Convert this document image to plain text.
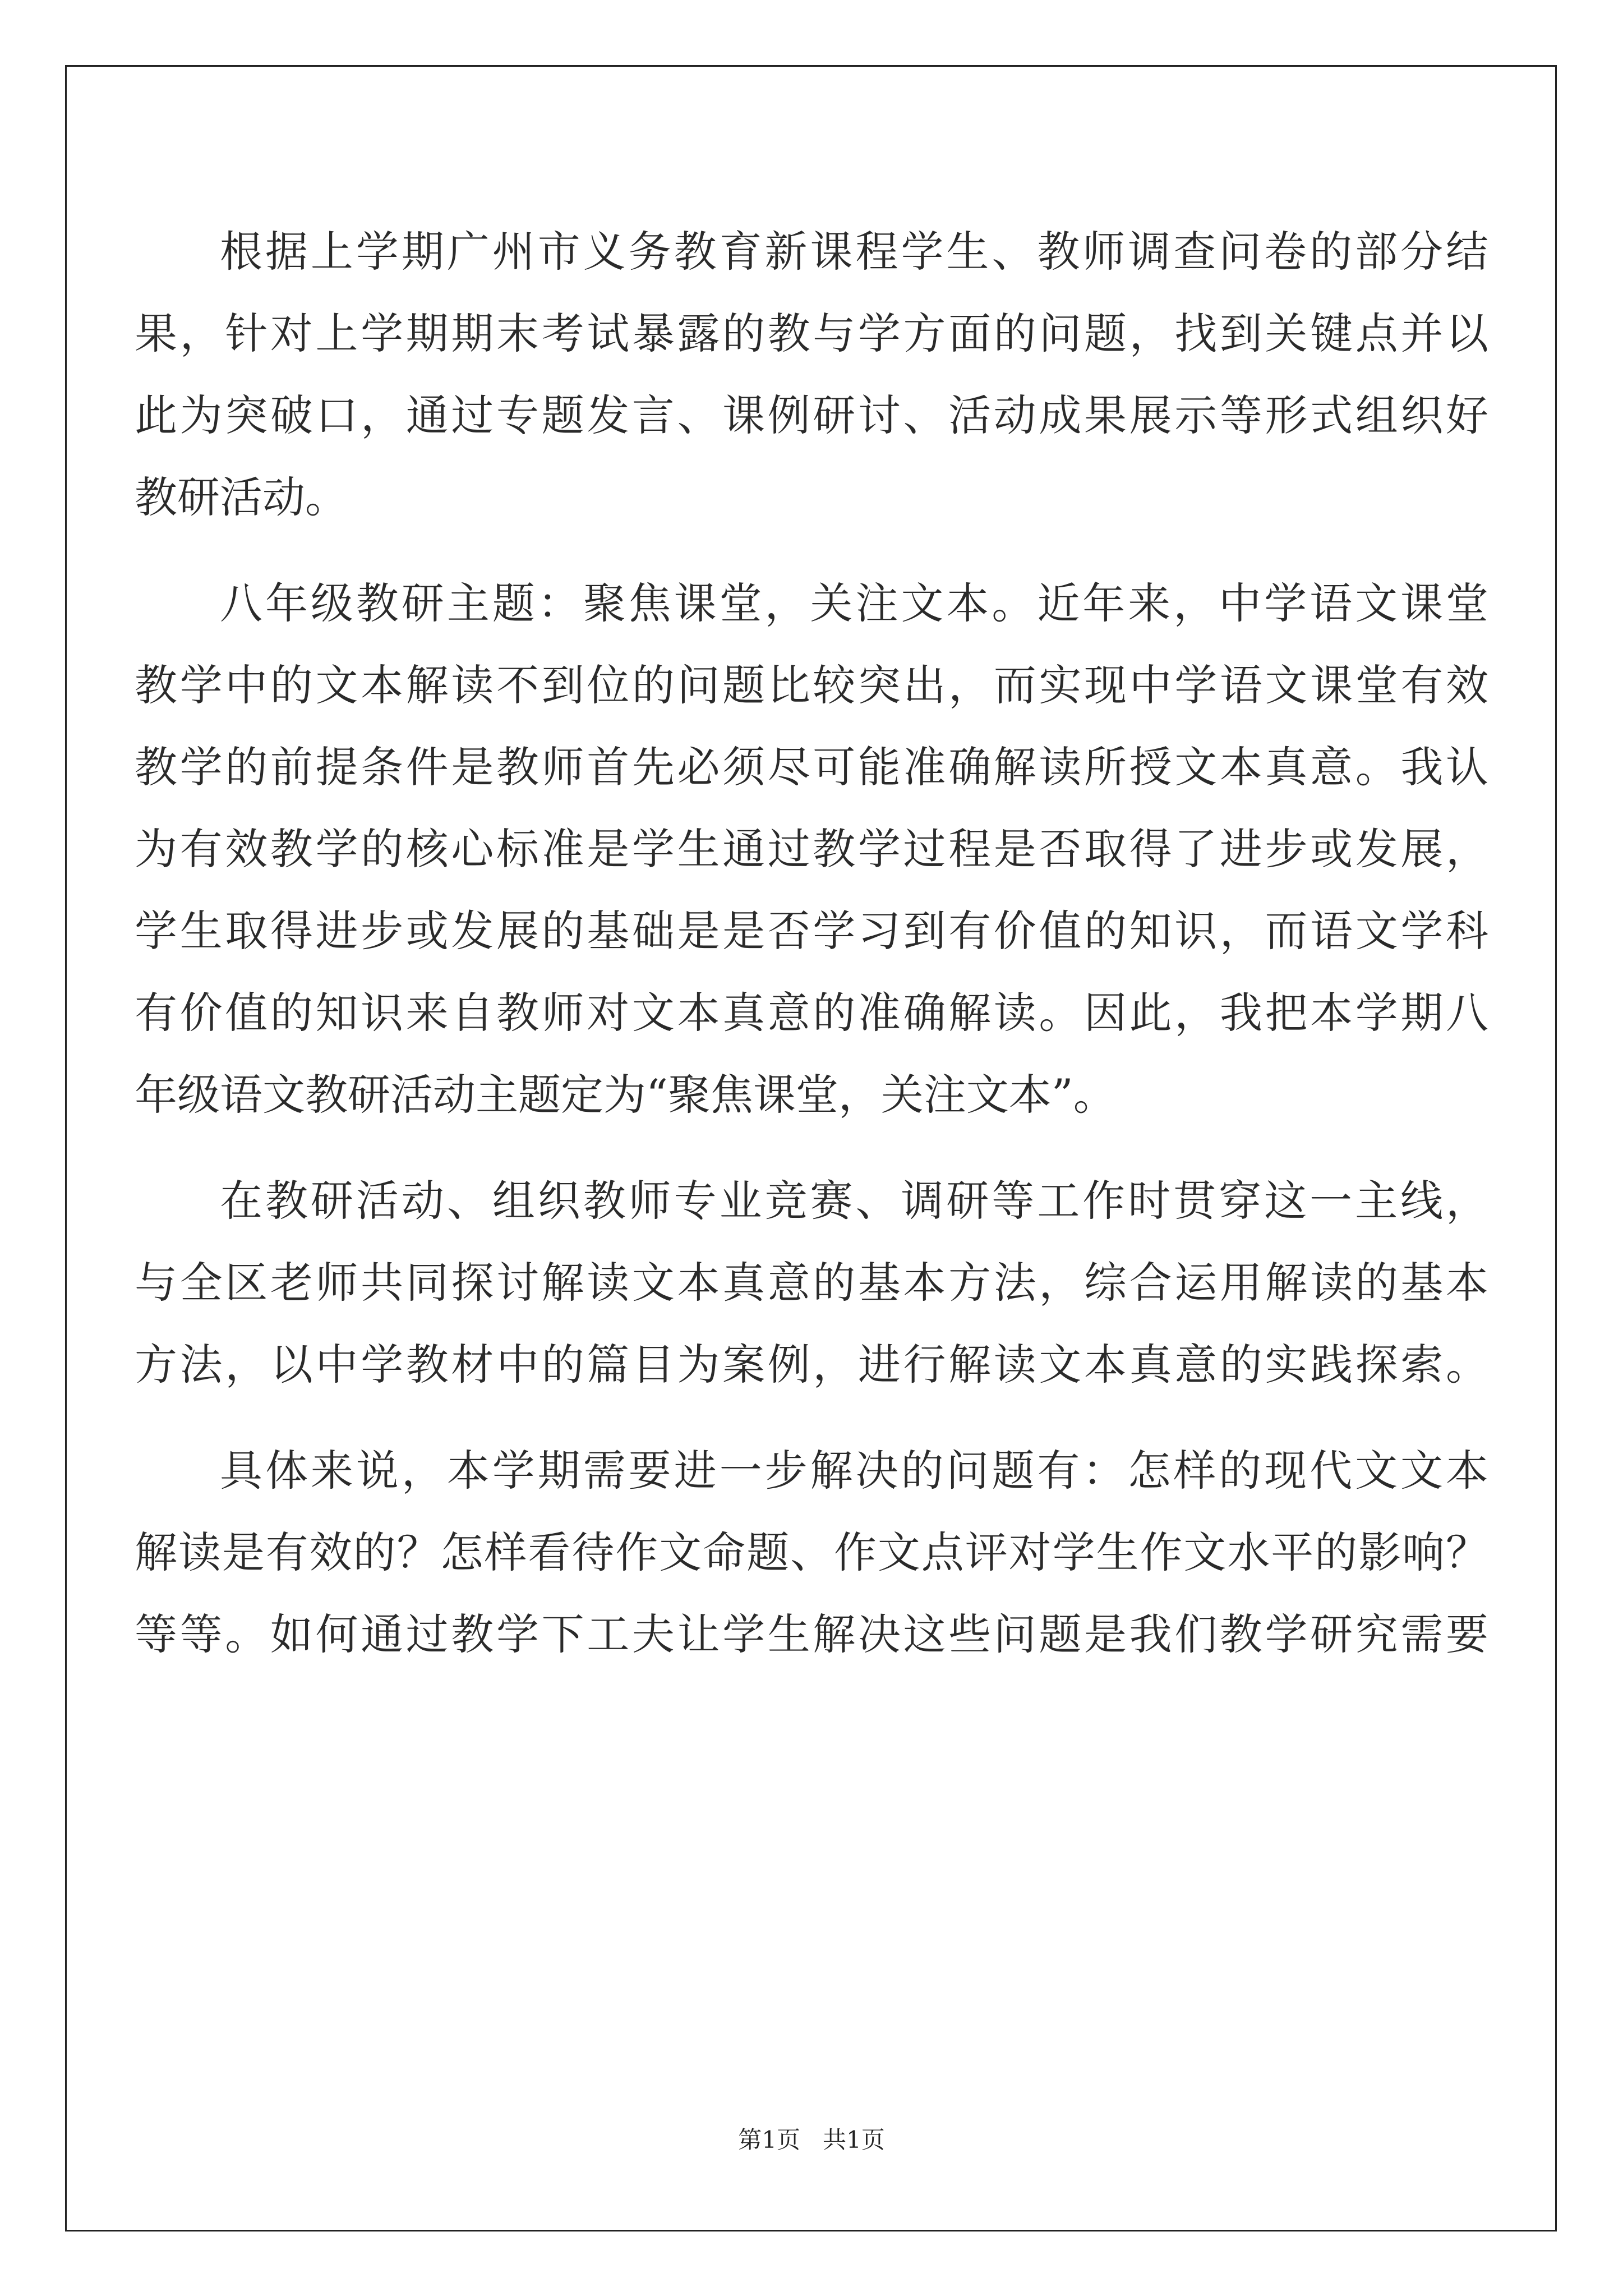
根据上学期广州市义务教育新课程学生、教师调查问卷的部分结
果，针对上学期期末考试暴露的教与学方面的问题，找到关键点并以
此为突破口，通过专题发言、课例研讨、活动成果展示等形式组织好
教研活动。
八年级教研主题：聚焦课堂，关注文本。近年来，中学语文课堂
教学中的文本解读不到位的问题比较突出，而实现中学语文课堂有效
教学的前提条件是教师首先必须尽可能准确解读所授文本真意。我认
为有效教学的核心标准是学生通过教学过程是否取得了进步或发展，
学生取得进步或发展的基础是是否学习到有价值的知识，而语文学科
有价值的知识来自教师对文本真意的准确解读。因此，我把本学期八
年级语文教研活动主题定为“聚焦课堂，关注文本”。
在教研活动、组织教师专业竞赛、调研等工作时贯穿这一主线，
与全区老师共同探讨解读文本真意的基本方法，综合运用解读的基本
方法，以中学教材中的篇目为案例，进行解读文本真意的实践探索。
具体来说，本学期需要进一步解决的问题有：怎样的现代文文本
解读是有效的？怎样看待作文命题、作文点评对学生作文水平的影响？
等等。如何通过教学下工夫让学生解决这些问题是我们教学研究需要
第1页 共1页
